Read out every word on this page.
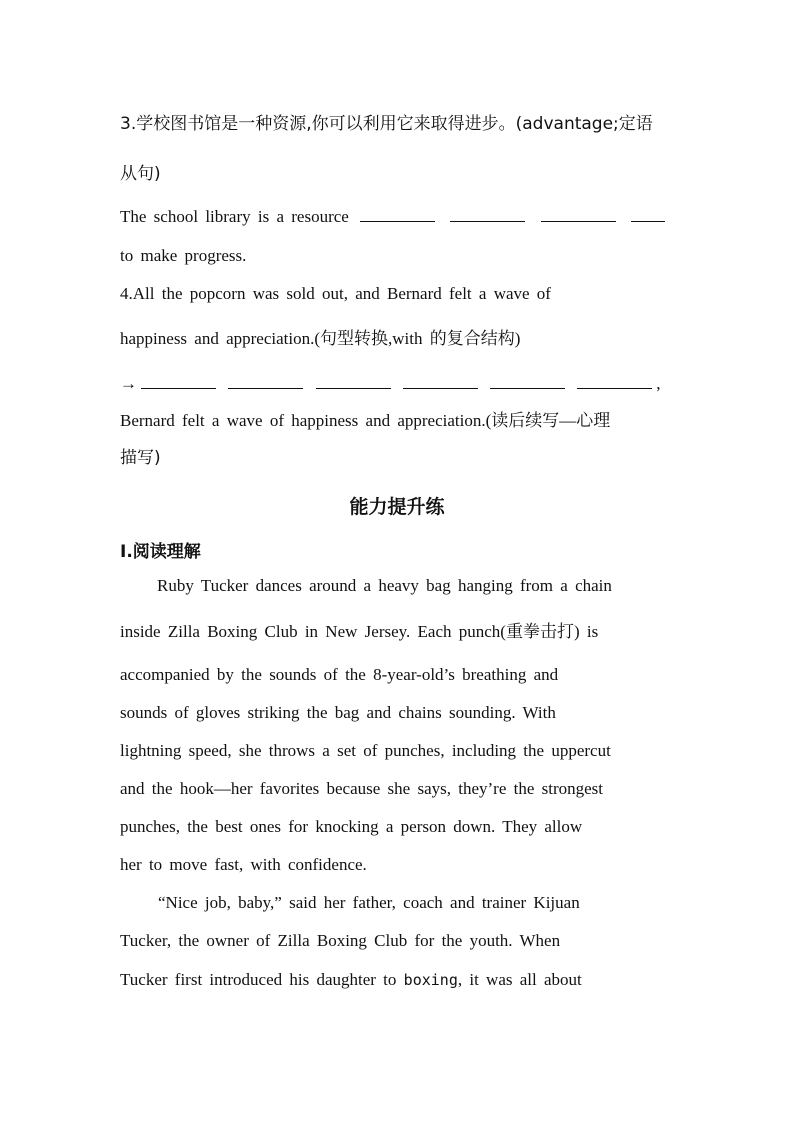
3.学校图书馆是一种资源,你可以利用它来取得进步。(advantage;定语
从句)
The school library is a resource
to make progress.
4.All the popcorn was sold out, and Bernard felt a wave of
happiness and appreciation.(句型转换,with 的复合结构)
→	,
Bernard felt a wave of happiness and appreciation.(读后续写—心理
描写)
能力提升练
Ⅰ.阅读理解
Ruby Tucker dances around a heavy bag hanging from a chain
inside Zilla Boxing Club in New Jersey. Each punch(重拳击打) is
accompanied by the sounds of the 8-year-old’s breathing and
sounds of gloves striking the bag and chains sounding. With
lightning speed, she throws a set of punches, including the uppercut
and the hook—her favorites because she says, they’re the strongest
punches, the best ones for knocking a person down. They allow
her to move fast, with confidence.
“Nice job, baby,” said her father, coach and trainer Kijuan
Tucker, the owner of Zilla Boxing Club for the youth. When
Tucker first introduced his daughter to boxing, it was all about
